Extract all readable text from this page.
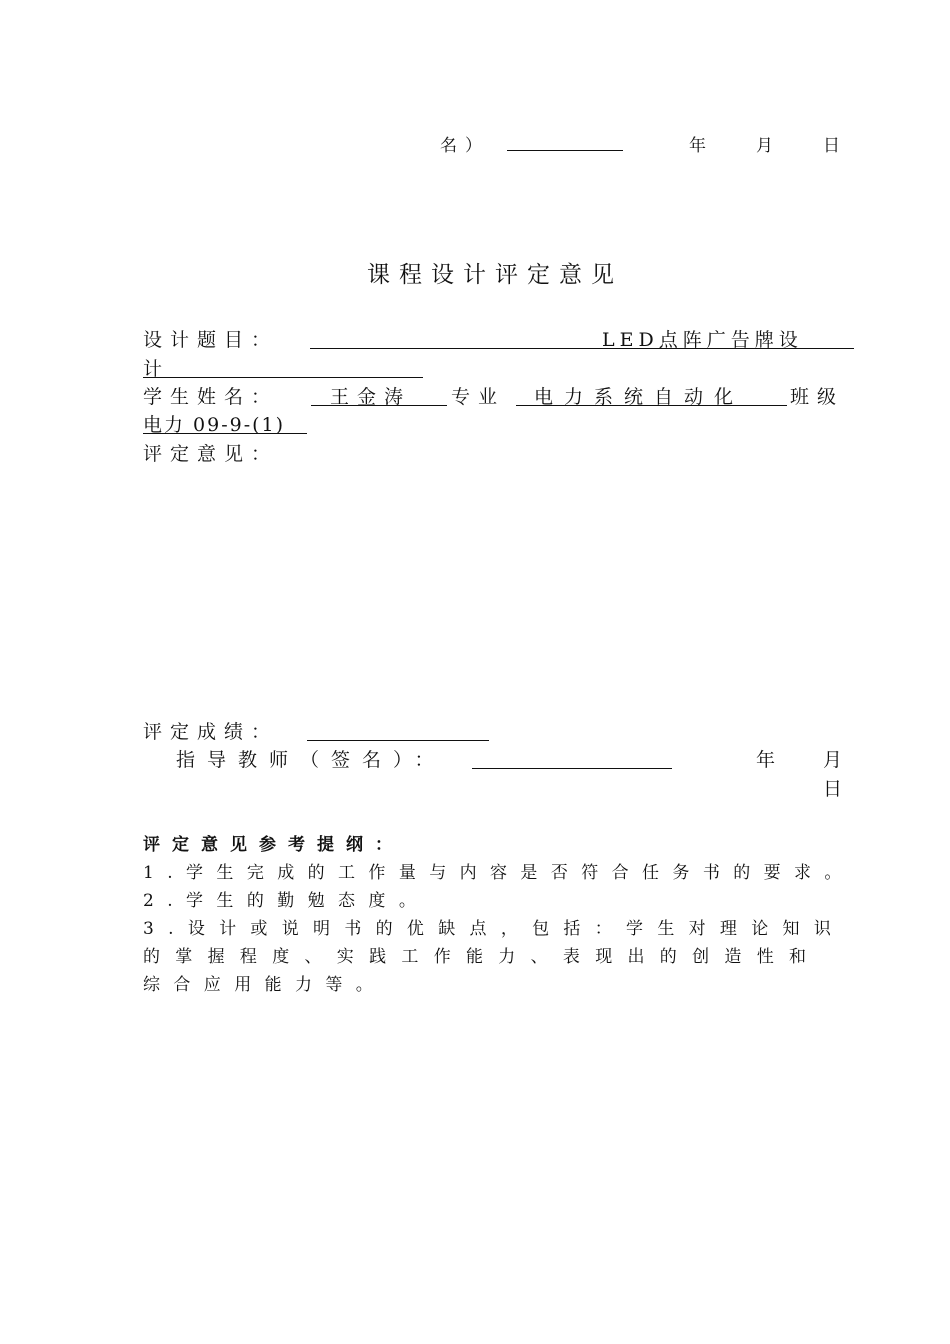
名）	年	月	日
课程设计评定意见
设计题目：	LED点阵广告牌设
计
学生姓名：	王金涛 专业 电力系统自动化 班级
电力 09-9-(1)
评定意见：
评定成绩：
指导教师（签名）：	年	月
日
评定意见参考提纲：
1.学生完成的工作量与内容是否符合任务书的要求。
2.学生的勤勉态度。
3.设计或说明书的优缺点，包括：学生对理论知识
的掌握程度、实践工作能力、表现出的创造性和
综合应用能力等。
